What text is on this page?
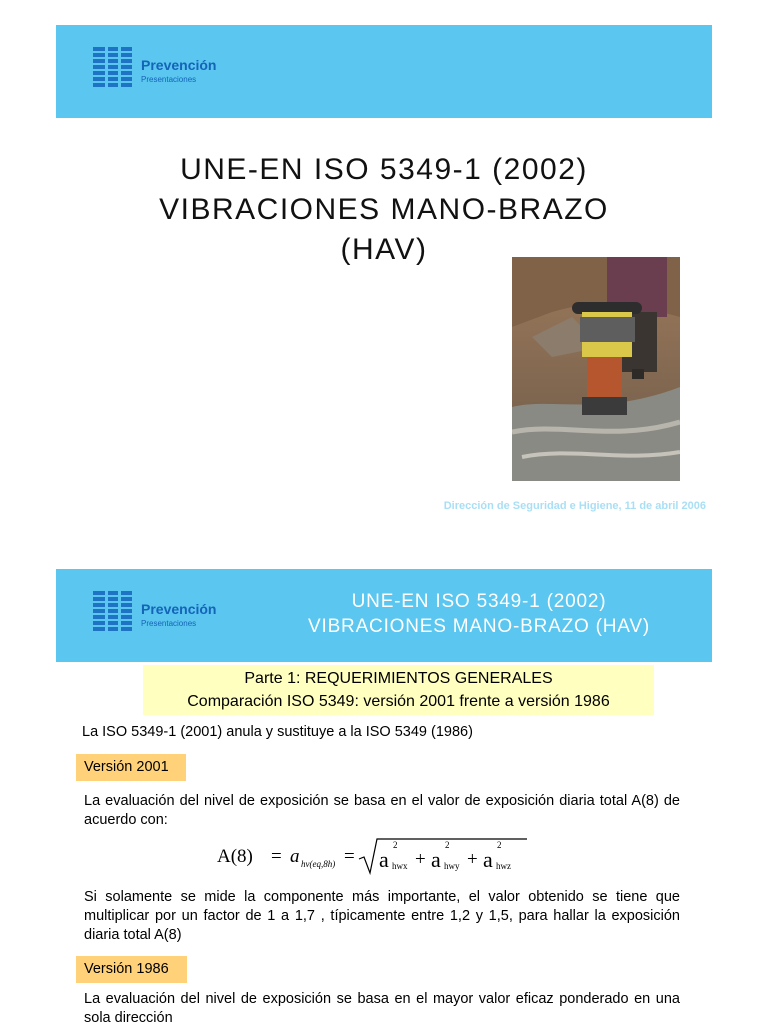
Prevención
Presentaciones
UNE-EN ISO 5349-1 (2002)
VIBRACIONES MANO-BRAZO
(HAV)
Dirección de Seguridad e Higiene, 11 de abril 2006
Prevención
Presentaciones
UNE-EN ISO 5349-1 (2002)
VIBRACIONES MANO-BRAZO (HAV)
Parte 1: REQUERIMIENTOS GENERALES
Comparación ISO 5349: versión 2001 frente a versión 1986
La ISO 5349-1 (2001) anula y sustituye a la ISO 5349 (1986)
Versión 2001
La evaluación del nivel de exposición se basa en el valor de exposición diaria total A(8) de acuerdo con:
A(8) = a hv(eq,8h) = a
2
hwx + a
2
hwy + a
2
hwz
Si solamente se mide la componente más importante, el valor obtenido se tiene que multiplicar por un factor de 1 a 1,7 , típicamente entre 1,2 y 1,5, para hallar la exposición diaria total A(8)
Versión 1986
La evaluación del nivel de exposición se basa en el mayor valor eficaz ponderado en una sola dirección
